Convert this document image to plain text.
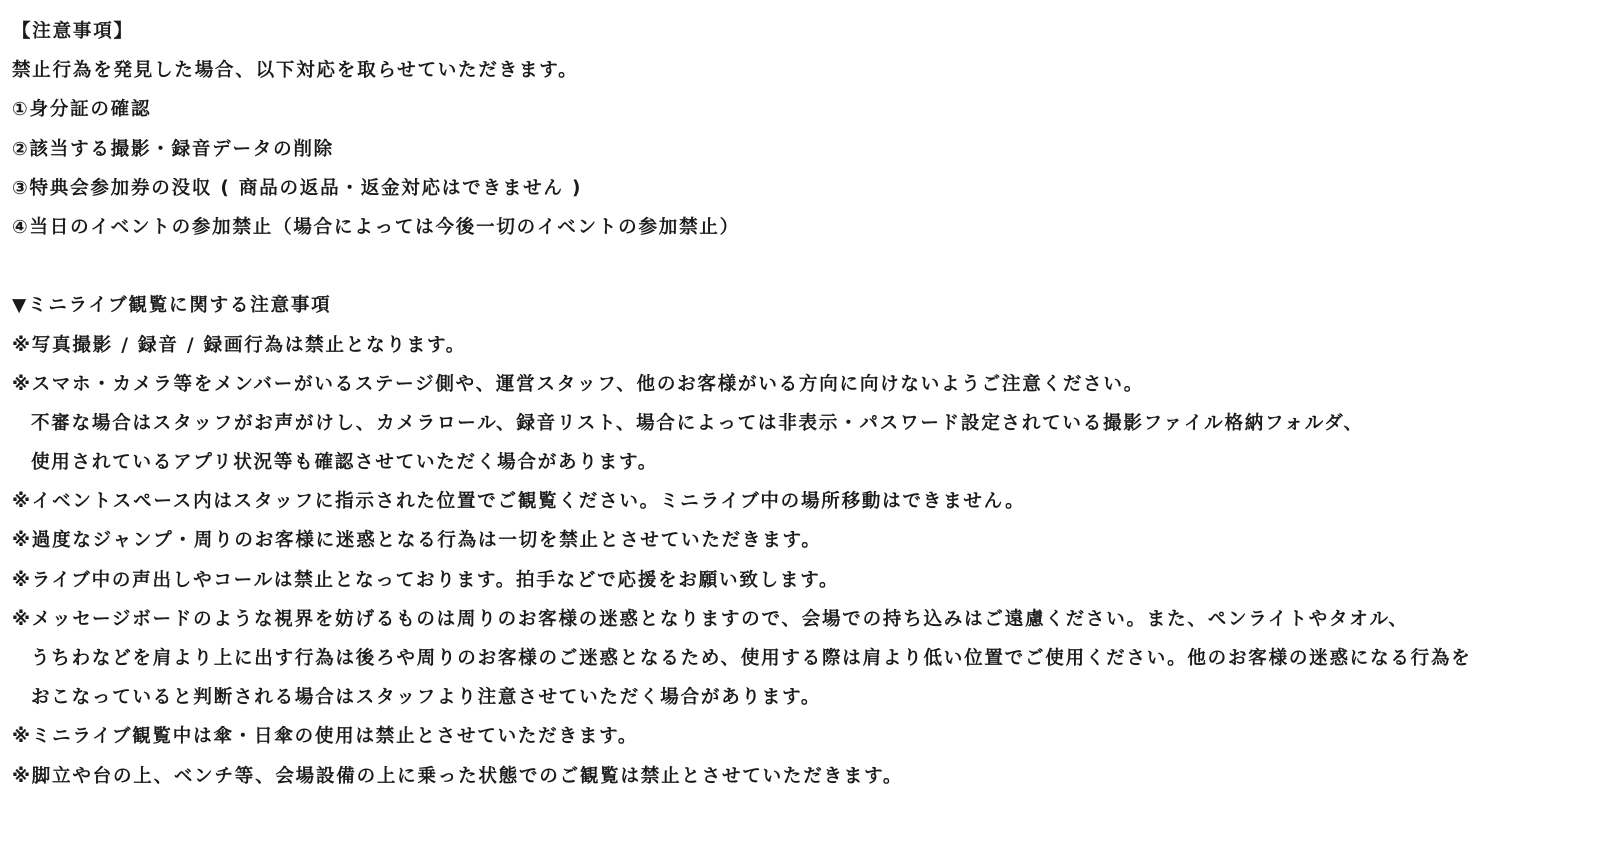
【注意事項】
禁止行為を発見した場合、以下対応を取らせていただきます。
①身分証の確認
②該当する撮影・録音データの削除
③特典会参加券の没収 ( 商品の返品・返金対応はできません )
④当日のイベントの参加禁止（場合によっては今後一切のイベントの参加禁止）
▼ミニライブ観覧に関する注意事項
※写真撮影 / 録音 / 録画行為は禁止となります。
※スマホ・カメラ等をメンバーがいるステージ側や、運営スタッフ、他のお客様がいる方向に向けないようご注意ください。
不審な場合はスタッフがお声がけし、カメラロール、録音リスト、場合によっては非表示・パスワード設定されている撮影ファイル格納フォルダ、
使用されているアプリ状況等も確認させていただく場合があります。
※イベントスペース内はスタッフに指示された位置でご観覧ください。ミニライブ中の場所移動はできません。
※過度なジャンプ・周りのお客様に迷惑となる行為は一切を禁止とさせていただきます。
※ライブ中の声出しやコールは禁止となっております。拍手などで応援をお願い致します。
※メッセージボードのような視界を妨げるものは周りのお客様の迷惑となりますので、会場での持ち込みはご遠慮ください。また、ペンライトやタオル、
うちわなどを肩より上に出す行為は後ろや周りのお客様のご迷惑となるため、使用する際は肩より低い位置でご使用ください。他のお客様の迷惑になる行為を
おこなっていると判断される場合はスタッフより注意させていただく場合があります。
※ミニライブ観覧中は傘・日傘の使用は禁止とさせていただきます。
※脚立や台の上、ベンチ等、会場設備の上に乗った状態でのご観覧は禁止とさせていただきます。
